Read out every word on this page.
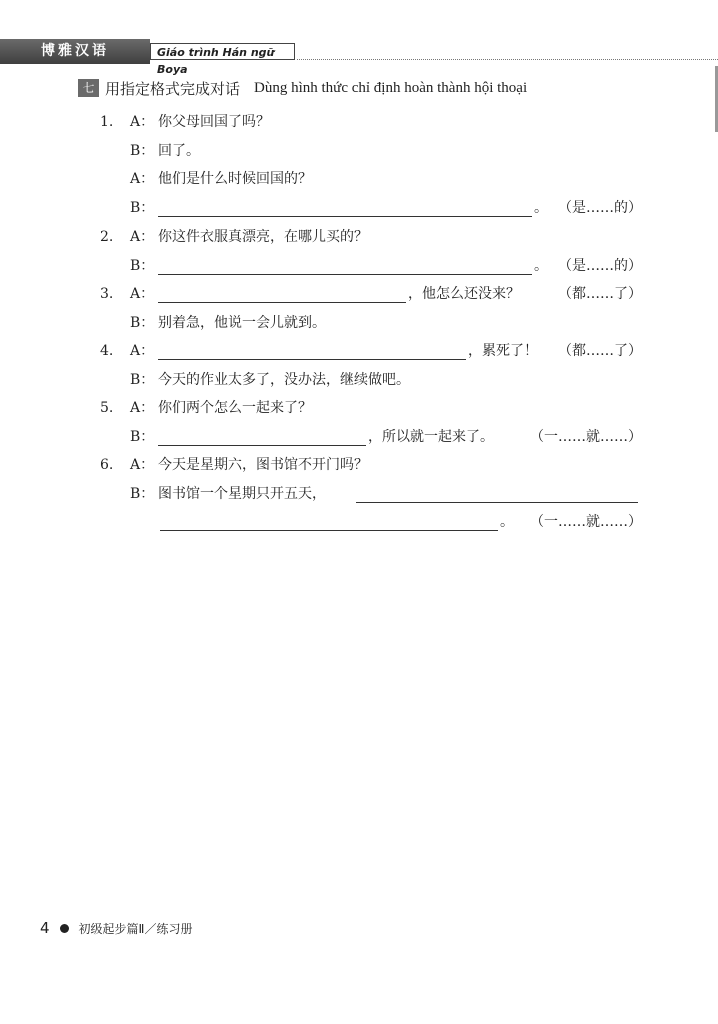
博雅汉语	Giáo trình Hán ngữ Boya
七 用指定格式完成对话 Dùng hình thức chỉ định hoàn thành hội thoại
1.	A： 你父母回国了吗？
B： 回了。
A： 他们是什么时候回国的？
B：	。 （是……的）
2.	A： 你这件衣服真漂亮，在哪儿买的？
B：	。 （是……的）
3.	A：	，他怎么还没来？	（都……了）
B： 别着急，他说一会儿就到。
4.	A：	，累死了！ （都……了）
B： 今天的作业太多了，没办法，继续做吧。
5.	A： 你们两个怎么一起来了？
B：	，所以就一起来了。	（一……就……）
6.	A： 今天是星期六，图书馆不开门吗？
B： 图书馆一个星期只开五天，
。 （一……就……）
4 初级起步篇Ⅱ／练习册
